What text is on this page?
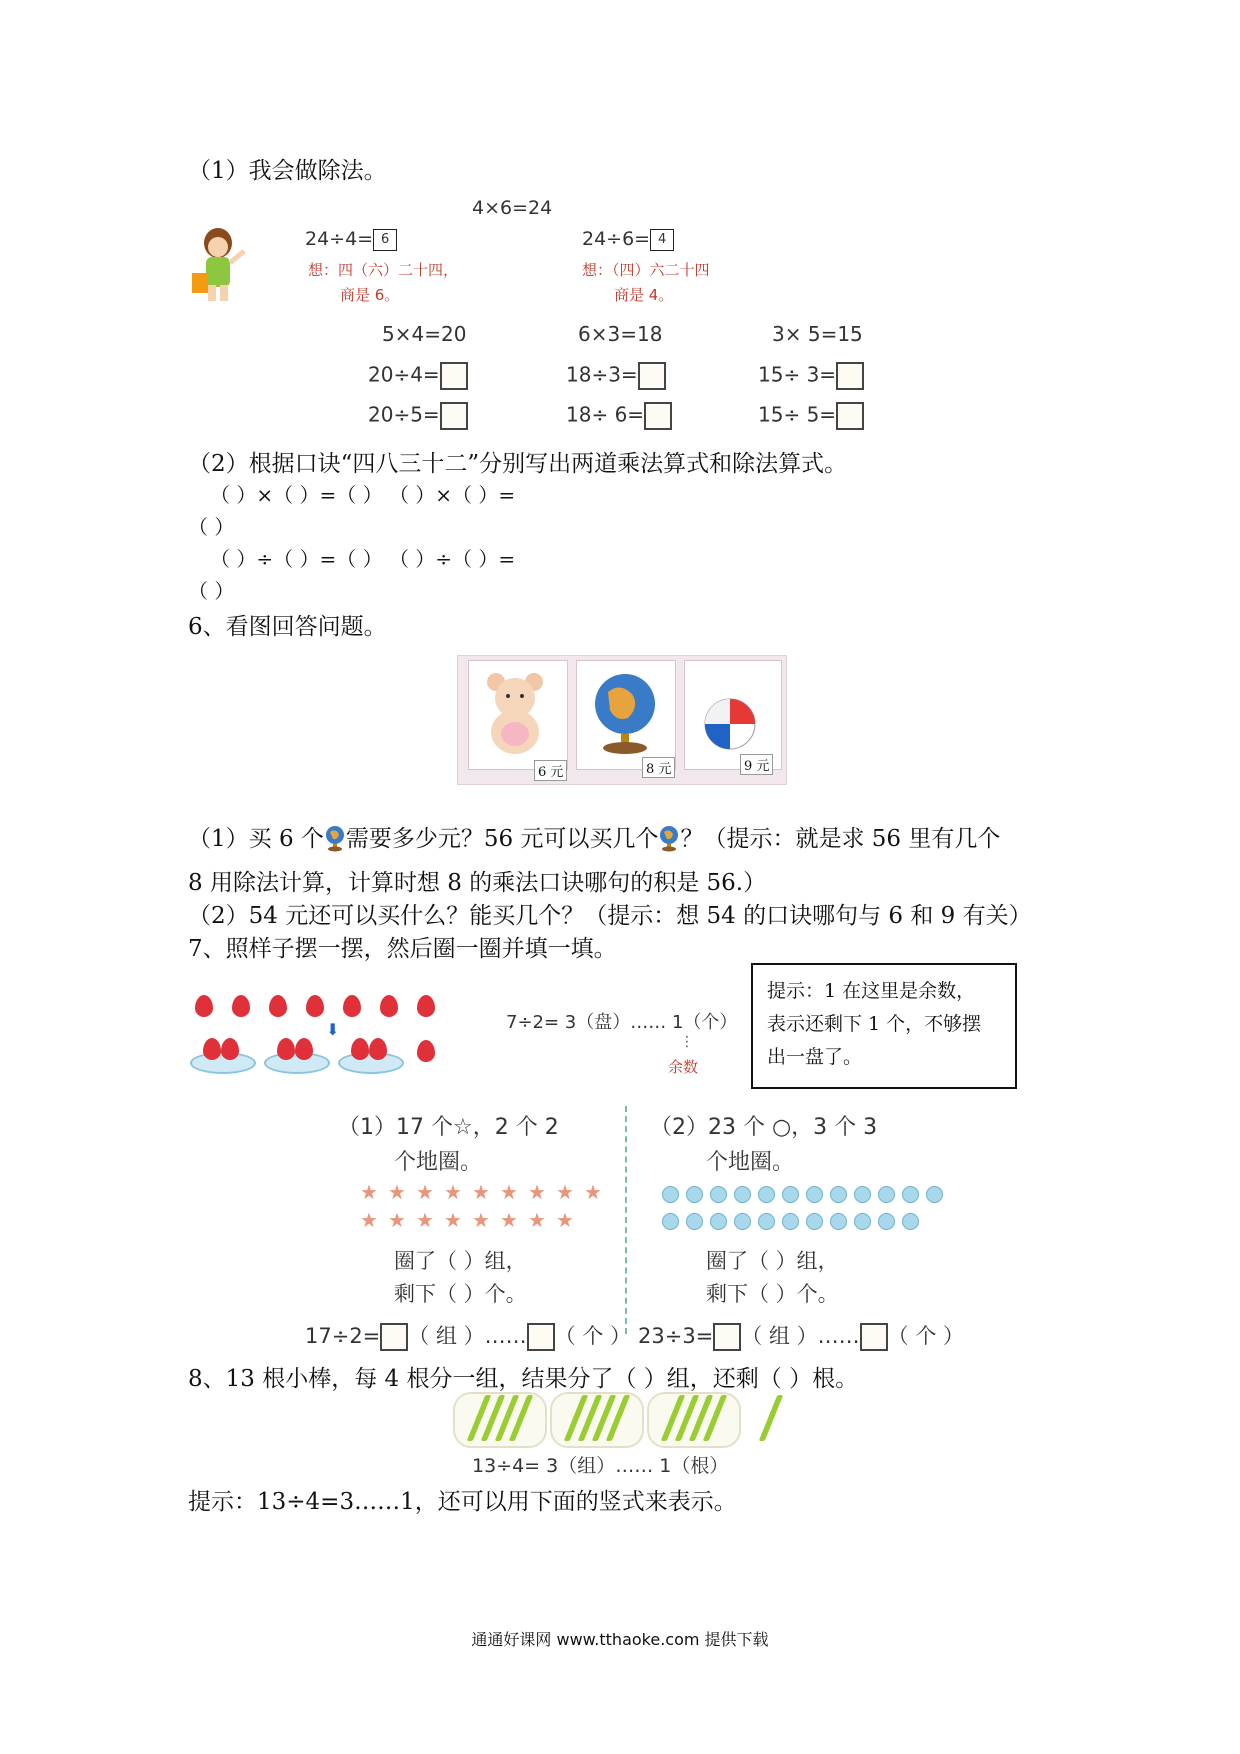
（1）我会做除法。
4×6=24
24÷4= 6
想：四（六）二十四，
商是 6。
24÷6= 4
想：（四）六二十四
商是 4。
5×4=20	6×3=18	3× 5=15
20÷4=	18÷3=	15÷ 3=
20÷5=	18÷ 6=	15÷ 5=
（2）根据口诀“四八三十二”分别写出两道乘法算式和除法算式。
（ ）×（ ）=（ ） （ ）×（ ）=
（ ）
（ ）÷（ ）=（ ） （ ）÷（ ）=
（ ）
6、看图回答问题。
6 元	8 元	9 元
（1）买 6 个 需要多少元？56 元可以买几个 ？（提示：就是求 56 里有几个
8 用除法计算，计算时想 8 的乘法口诀哪句的积是 56.）
（2）54 元还可以买什么？能买几个？（提示：想 54 的口诀哪句与 6 和 9 有关）
7、照样子摆一摆，然后圈一圈并填一填。
⬇	7÷2= 3（盘）…… 1（个）
⋮
余数
提示：1 在这里是余数，
表示还剩下 1 个，不够摆
出一盘了。
（1）17 个☆，2 个 2
个地圈。
★ ★ ★ ★ ★ ★ ★ ★ ★
★ ★ ★ ★ ★ ★ ★ ★
圈了（ ）组，
剩下（ ）个。
17÷2= （ 组 ）…… （ 个 ）
（2）23 个 ○，3 个 3
个地圈。
圈了（ ）组，
剩下（ ）个。
23÷3= （ 组 ）…… （ 个 ）
8、13 根小棒，每 4 根分一组，结果分了（ ）组，还剩（ ）根。
13÷4= 3（组）…… 1（根）
提示：13÷4=3……1，还可以用下面的竖式来表示。
通通好课网 www.tthaoke.com 提供下载
